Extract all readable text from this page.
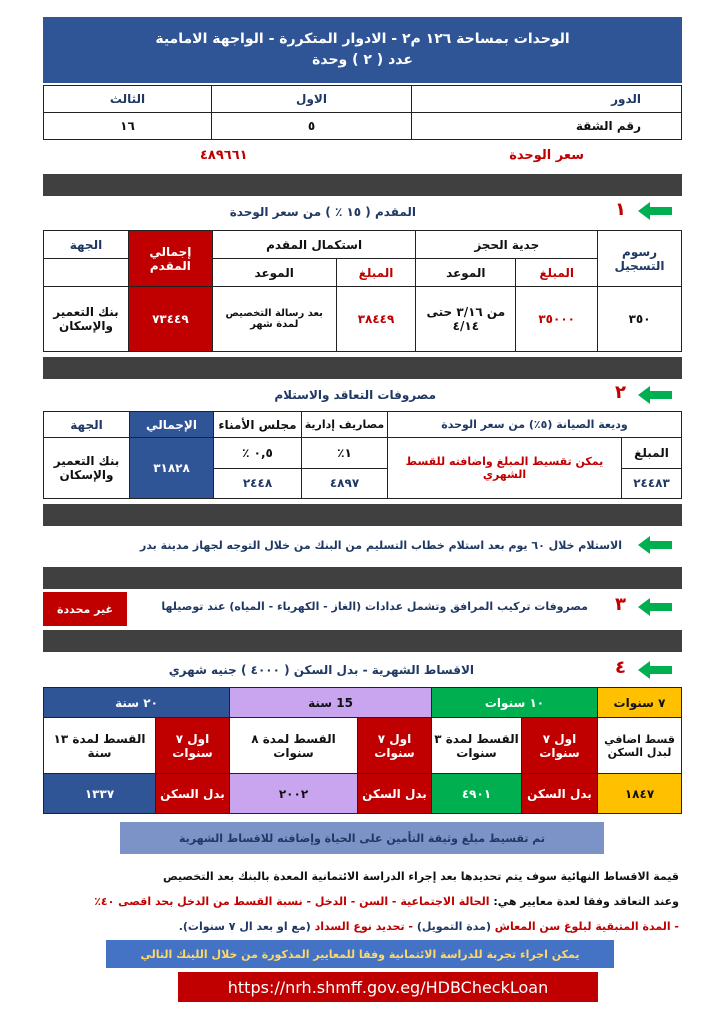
الوحدات بمساحة ١٢٦ م٢ - الادوار المتكررة - الواجهة الامامية
عدد ( ٢ ) وحدة
الدور	الاول	الثالث
رقم الشقة	٥	١٦
سعر الوحدة
٤٨٩٦٦١
١
المقدم ( ١٥ ٪ ) من سعر الوحدة
رسوم التسجيل	جدية الحجز		استكمال المقدم		إجمالي المقدم	الجهة
	المبلغ	الموعد	المبلغ	الموعد		
٣٥٠	٣٥٠٠٠	من ٣/١٦ حتى ٤/١٤	٣٨٤٤٩	بعد رسالة التخصيص لمدة شهر	٧٣٤٤٩	بنك التعمير والإسكان
٢
مصروفات التعاقد والاستلام
وديعة الصيانة (٥٪) من سعر الوحدة		مصاريف إدارية	مجلس الأمناء	الإجمالي	الجهة
المبلغ	يمكن تقسيط المبلغ واضافته للقسط الشهري	١٪	٠,٥ ٪	٣١٨٢٨	بنك التعمير والإسكان
٢٤٤٨٣		٤٨٩٧	٢٤٤٨		
الاستلام خلال ٦٠ يوم بعد استلام خطاب التسليم من البنك من خلال التوجه لجهاز مدينة بدر
٣
مصروفات تركيب المرافق وتشمل عدادات (الغاز - الكهرباء - المياه) عند توصيلها
غير محددة
٤
الاقساط الشهرية - بدل السكن ( ٤٠٠٠ ) جنيه شهري
٧ سنوات	١٠ سنوات		15 سنة		٢٠ سنة	
قسط اضافي لبدل السكن	اول ٧ سنوات	القسط لمدة ٣ سنوات	اول ٧ سنوات	القسط لمدة ٨ سنوات	اول ٧ سنوات	القسط لمدة ١٣ سنة
١٨٤٧	بدل السكن	٤٩٠١	بدل السكن	٢٠٠٢	بدل السكن	١٣٣٧
تم تقسيط مبلغ وثيقة التأمين على الحياة وإضافته للاقساط الشهرية
قيمة الاقساط النهائية سوف يتم تحديدها بعد إجراء الدراسة الائتمانية المعدة بالبنك بعد التخصيص
وعند التعاقد وفقا لعدة معايير هي: الحالة الاجتماعية - السن - الدخل - نسبة القسط من الدخل بحد اقصى ٤٠٪
- المدة المتبقية لبلوغ سن المعاش (مدة التمويل) - تحديد نوع السداد (مع او بعد ال ٧ سنوات).
يمكن اجراء تجربة للدراسة الائتمانية وفقا للمعايير المذكورة من خلال اللينك التالي
https://nrh.shmff.gov.eg/HDBCheckLoan
